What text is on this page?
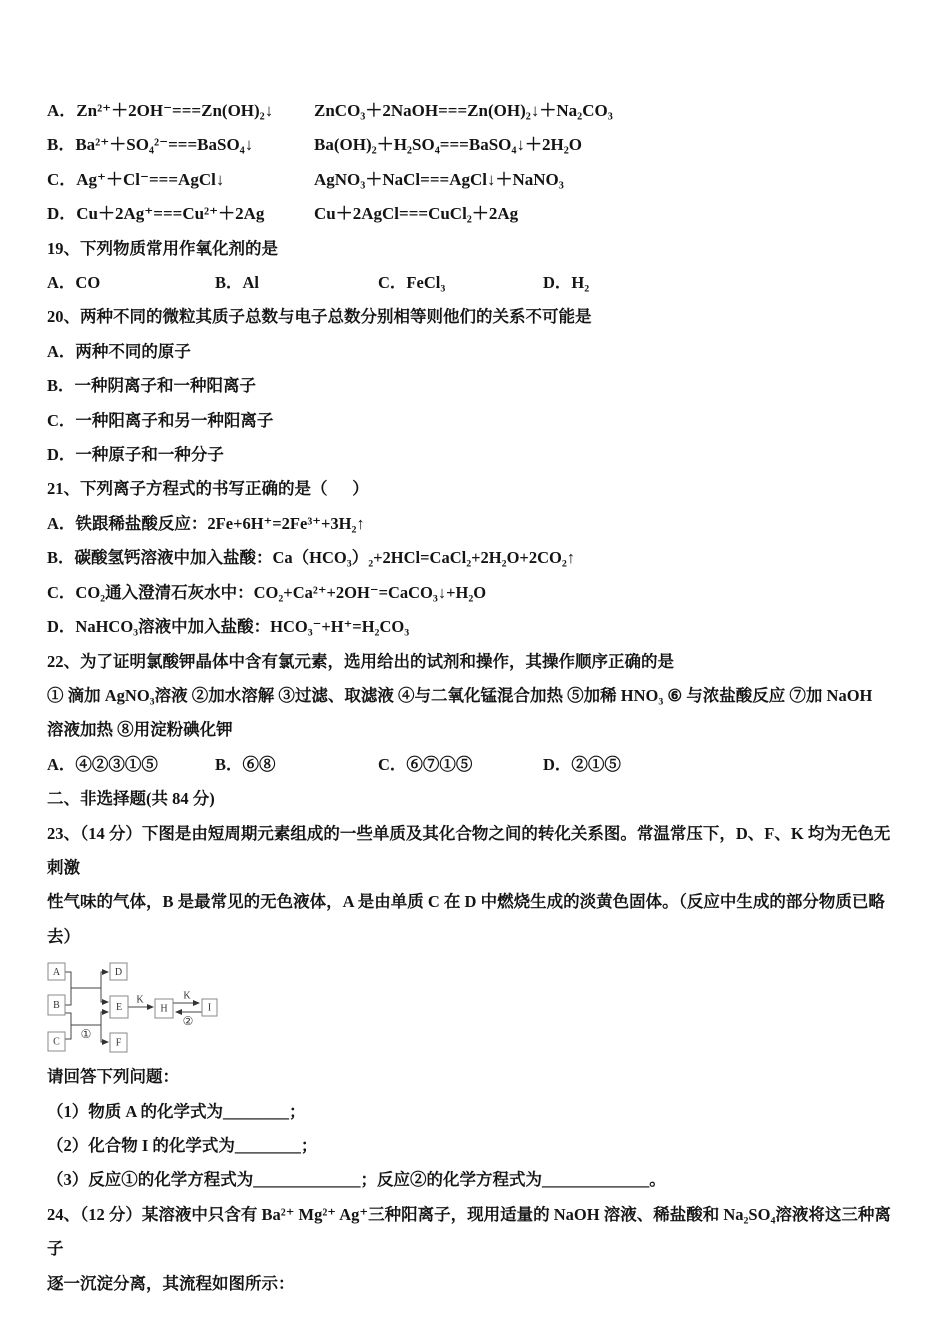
A．Zn²⁺＋2OH⁻===Zn(OH)₂↓ ZnCO₃＋2NaOH===Zn(OH)₂↓＋Na₂CO₃
B．Ba²⁺＋SO₄²⁻===BaSO₄↓	Ba(OH)₂＋H₂SO₄===BaSO₄↓＋2H₂O
C．Ag⁺＋Cl⁻===AgCl↓	AgNO₃＋NaCl===AgCl↓＋NaNO₃
D．Cu＋2Ag⁺===Cu²⁺＋2Ag	Cu＋2AgCl===CuCl₂＋2Ag
19、下列物质常用作氧化剂的是
A．CO	B．Al	C．FeCl₃	D．H₂
20、两种不同的微粒其质子总数与电子总数分别相等则他们的关系不可能是
A．两种不同的原子
B．一种阴离子和一种阳离子
C．一种阳离子和另一种阳离子
D．一种原子和一种分子
21、下列离子方程式的书写正确的是（      ）
A．铁跟稀盐酸反应：2Fe+6H⁺=2Fe³⁺+3H₂↑
B．碳酸氢钙溶液中加入盐酸：Ca（HCO₃）₂+2HCl=CaCl₂+2H₂O+2CO₂↑
C．CO₂通入澄清石灰水中：CO₂+Ca²⁺+2OH⁻=CaCO₃↓+H₂O
D．NaHCO₃溶液中加入盐酸：HCO₃⁻+H⁺=H₂CO₃
22、为了证明氯酸钾晶体中含有氯元素，选用给出的试剂和操作，其操作顺序正确的是
① 滴加 AgNO₃溶液 ②加水溶解 ③过滤、取滤液 ④与二氧化锰混合加热 ⑤加稀 HNO₃ ⑥ 与浓盐酸反应 ⑦加 NaOH
溶液加热 ⑧用淀粉碘化钾
A．④②③①⑤	B．⑥⑧	C．⑥⑦①⑤	D．②①⑤
二、非选择题(共 84 分)
23、（14 分）下图是由短周期元素组成的一些单质及其化合物之间的转化关系图。常温常压下，D、F、K 均为无色无刺激
性气味的气体，B 是最常见的无色液体，A 是由单质 C 在 D 中燃烧生成的淡黄色固体。（反应中生成的部分物质已略
去）
A
B
C
D
E
F
H	I
K	K
①
②
请回答下列问题：
（1）物质 A 的化学式为________；
（2）化合物 I 的化学式为________；
（3）反应①的化学方程式为_____________；反应②的化学方程式为_____________。
24、（12 分）某溶液中只含有 Ba²⁺ Mg²⁺ Ag⁺三种阳离子，现用适量的 NaOH 溶液、稀盐酸和 Na₂SO₄溶液将这三种离子
逐一沉淀分离，其流程如图所示：
